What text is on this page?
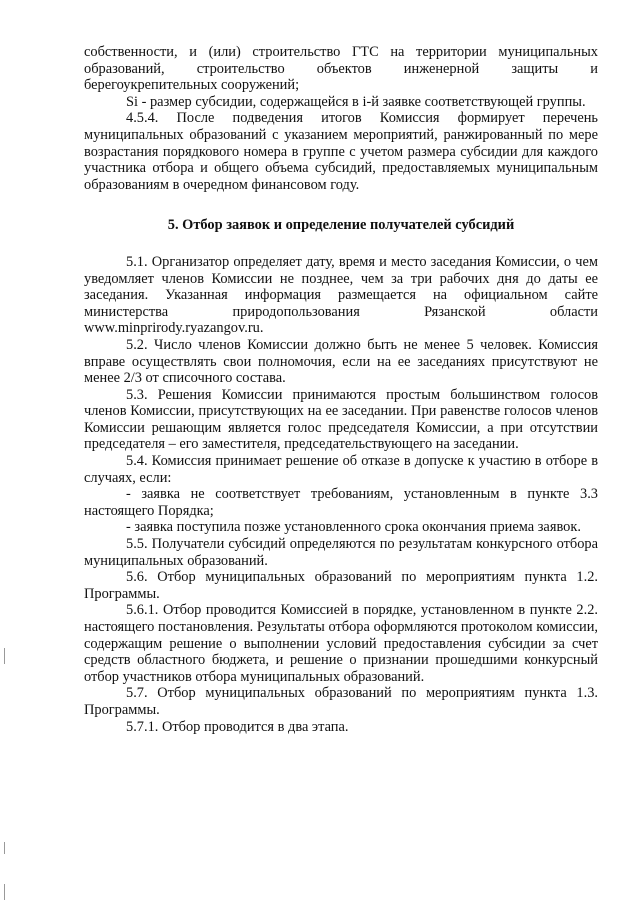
собственности, и (или) строительство ГТС на территории муниципальных

образований, строительство объектов инженерной защиты и

берегоукрепительных сооружений;

Si - размер субсидии, содержащейся в i-й заявке соответствующей группы.

4.5.4. После подведения итогов Комиссия формирует перечень муниципальных образований с указанием мероприятий, ранжированный по мере возрастания порядкового номера в группе с учетом размера субсидии для каждого участника отбора и общего объема субсидий, предоставляемых муниципальным образованиям в очередном финансовом году.

5. Отбор заявок и определение получателей субсидий

5.1. Организатор определяет дату, время и место заседания Комиссии, о чем уведомляет членов Комиссии не позднее, чем за три рабочих дня до даты ее заседания. Указанная информация размещается на официальном сайте министерства природопользования Рязанской области www.minprirody.ryazangov.ru.

5.2. Число членов Комиссии должно быть не менее 5 человек. Комиссия вправе осуществлять свои полномочия, если на ее заседаниях присутствуют не менее 2/3 от списочного состава.

5.3. Решения Комиссии принимаются простым большинством голосов членов Комиссии, присутствующих на ее заседании. При равенстве голосов членов Комиссии решающим является голос председателя Комиссии, а при отсутствии председателя – его заместителя, председательствующего на заседании.

5.4. Комиссия принимает решение об отказе в допуске к участию в отборе в случаях, если:

- заявка не соответствует требованиям, установленным в пункте 3.3 настоящего Порядка;

- заявка поступила позже установленного срока окончания приема заявок.

5.5. Получатели субсидий определяются по результатам конкурсного отбора муниципальных образований.

5.6. Отбор муниципальных образований по мероприятиям пункта 1.2. Программы.

5.6.1. Отбор проводится Комиссией в порядке, установленном в пункте 2.2. настоящего постановления. Результаты отбора оформляются протоколом комиссии, содержащим решение о выполнении условий предоставления субсидии за счет средств областного бюджета, и решение о признании прошедшими конкурсный отбор участников отбора муниципальных образований.

5.7. Отбор муниципальных образований по мероприятиям пункта 1.3. Программы.

5.7.1. Отбор проводится в два этапа.
